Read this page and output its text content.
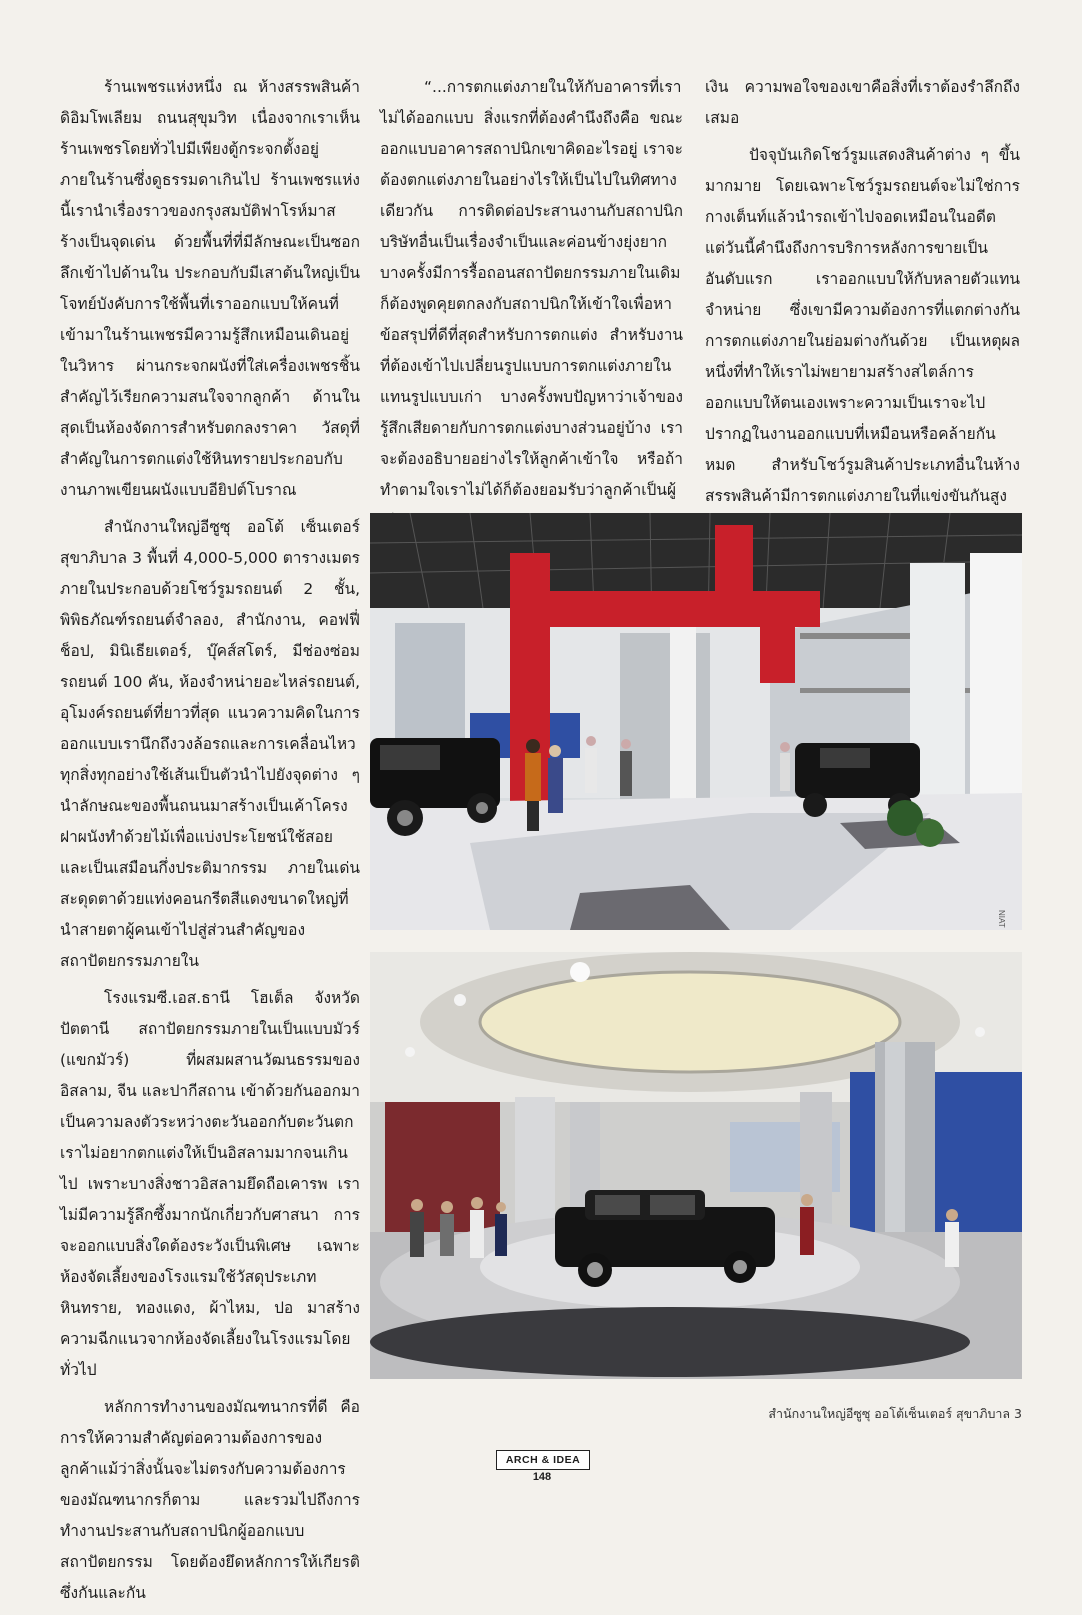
ร้านเพชรแห่งหนึ่ง ณ ห้างสรรพสินค้าดิอิมโพเลียม ถนนสุขุมวิท เนื่องจากเราเห็นร้านเพชรโดยทั่วไปมีเพียงตู้กระจกตั้งอยู่ภายในร้านซึ่งดูธรรมดาเกินไป ร้านเพชรแห่งนี้เรานำเรื่องราวของกรุงสมบัติฟาโรห์มาสร้างเป็นจุดเด่น ด้วยพื้นที่ที่มีลักษณะเป็นซอกลึกเข้าไปด้านใน ประกอบกับมีเสาต้นใหญ่เป็นโจทย์บังคับการใช้พื้นที่เราออกแบบให้คนที่เข้ามาในร้านเพชรมีความรู้สึกเหมือนเดินอยู่ในวิหาร ผ่านกระจกผนังที่ใส่เครื่องเพชรชิ้นสำคัญไว้เรียกความสนใจจากลูกค้า ด้านในสุดเป็นห้องจัดการสำหรับตกลงราคา วัสดุที่สำคัญในการตกแต่งใช้หินทรายประกอบกับงานภาพเขียนผนังแบบอียิปต์โบราณ

สำนักงานใหญ่อีซูซุ ออโต้ เซ็นเตอร์ สุขาภิบาล 3 พื้นที่ 4,000-5,000 ตารางเมตร ภายในประกอบด้วยโชว์รูมรถยนต์ 2 ชั้น, พิพิธภัณฑ์รถยนต์จำลอง, สำนักงาน, คอฟฟี่ช็อป, มินิเธียเตอร์, บุ๊คส์สโตร์, มีช่องซ่อมรถยนต์ 100 คัน, ห้องจำหน่ายอะไหล่รถยนต์, อุโมงค์รถยนต์ที่ยาวที่สุด แนวความคิดในการออกแบบเรานึกถึงวงล้อรถและการเคลื่อนไหว ทุกสิ่งทุกอย่างใช้เส้นเป็นตัวนำไปยังจุดต่าง ๆ นำลักษณะของพื้นถนนมาสร้างเป็นเค้าโครง ฝาผนังทำด้วยไม้เพื่อแบ่งประโยชน์ใช้สอยและเป็นเสมือนกึ่งประติมากรรม ภายในเด่นสะดุดตาด้วยแท่งคอนกรีตสีแดงขนาดใหญ่ที่นำสายตาผู้คนเข้าไปสู่ส่วนสำคัญของสถาปัตยกรรมภายใน

โรงแรมซี.เอส.ธานี โฮเต็ล จังหวัดปัตตานี สถาปัตยกรรมภายในเป็นแบบมัวร์ (แขกมัวร์) ที่ผสมผสานวัฒนธรรมของอิสลาม, จีน และปากีสถาน เข้าด้วยกันออกมาเป็นความลงตัวระหว่างตะวันออกกับตะวันตก เราไม่อยากตกแต่งให้เป็นอิสลามมากจนเกินไป เพราะบางสิ่งชาวอิสลามยึดถือเคารพ เราไม่มีความรู้ลึกซึ้งมากนักเกี่ยวกับศาสนา การจะออกแบบสิ่งใดต้องระวังเป็นพิเศษ เฉพาะห้องจัดเลี้ยงของโรงแรมใช้วัสดุประเภทหินทราย, ทองแดง, ผ้าไหม, ปอ มาสร้างความฉีกแนวจากห้องจัดเลี้ยงในโรงแรมโดยทั่วไป

หลักการทำงานของมัณฑนากรที่ดี คือการให้ความสำคัญต่อความต้องการของลูกค้าแม้ว่าสิ่งนั้นจะไม่ตรงกับความต้องการของมัณฑนากรก็ตาม และรวมไปถึงการทำงานประสานกับสถาปนิกผู้ออกแบบสถาปัตยกรรม โดยต้องยึดหลักการให้เกียรติซึ่งกันและกัน

“...การตกแต่งภายในให้กับอาคารที่เราไม่ได้ออกแบบ สิ่งแรกที่ต้องคำนึงถึงคือ ขณะออกแบบอาคารสถาปนิกเขาคิดอะไรอยู่ เราจะต้องตกแต่งภายในอย่างไรให้เป็นไปในทิศทางเดียวกัน การติดต่อประสานงานกับสถาปนิกบริษัทอื่นเป็นเรื่องจำเป็นและค่อนข้างยุ่งยาก บางครั้งมีการรื้อถอนสถาปัตยกรรมภายในเดิมก็ต้องพูดคุยตกลงกับสถาปนิกให้เข้าใจเพื่อหาข้อสรุปที่ดีที่สุดสำหรับการตกแต่ง สำหรับงานที่ต้องเข้าไปเปลี่ยนรูปแบบการตกแต่งภายในแทนรูปแบบเก่า บางครั้งพบปัญหาว่าเจ้าของรู้สึกเสียดายกับการตกแต่งบางส่วนอยู่บ้าง เราจะต้องอธิบายอย่างไรให้ลูกค้าเข้าใจ หรือถ้าทำตามใจเราไม่ได้ก็ต้องยอมรับว่าลูกค้าเป็นผู้

เงิน ความพอใจของเขาคือสิ่งที่เราต้องรำลึกถึงเสมอ

ปัจจุบันเกิดโชว์รูมแสดงสินค้าต่าง ๆ ขึ้นมากมาย โดยเฉพาะโชว์รูมรถยนต์จะไม่ใช่การกางเต็นท์แล้วนำรถเข้าไปจอดเหมือนในอดีต แต่วันนี้คำนึงถึงการบริการหลังการขายเป็นอันดับแรก เราออกแบบให้กับหลายตัวแทนจำหน่าย ซึ่งเขามีความต้องการที่แตกต่างกัน การตกแต่งภายในย่อมต่างกันด้วย เป็นเหตุผลหนึ่งที่ทำให้เราไม่พยายามสร้างสไตล์การออกแบบให้ตนเองเพราะความเป็นเราจะไปปรากฏในงานออกแบบที่เหมือนหรือคล้ายกันหมด สำหรับโชว์รูมสินค้าประเภทอื่นในห้างสรรพสินค้ามีการตกแต่งภายในที่แข่งขันกันสูง

NIAT
สำนักงานใหญ่อีซูซุ ออโต้เซ็นเตอร์ สุขาภิบาล 3
ARCH & IDEA
148
